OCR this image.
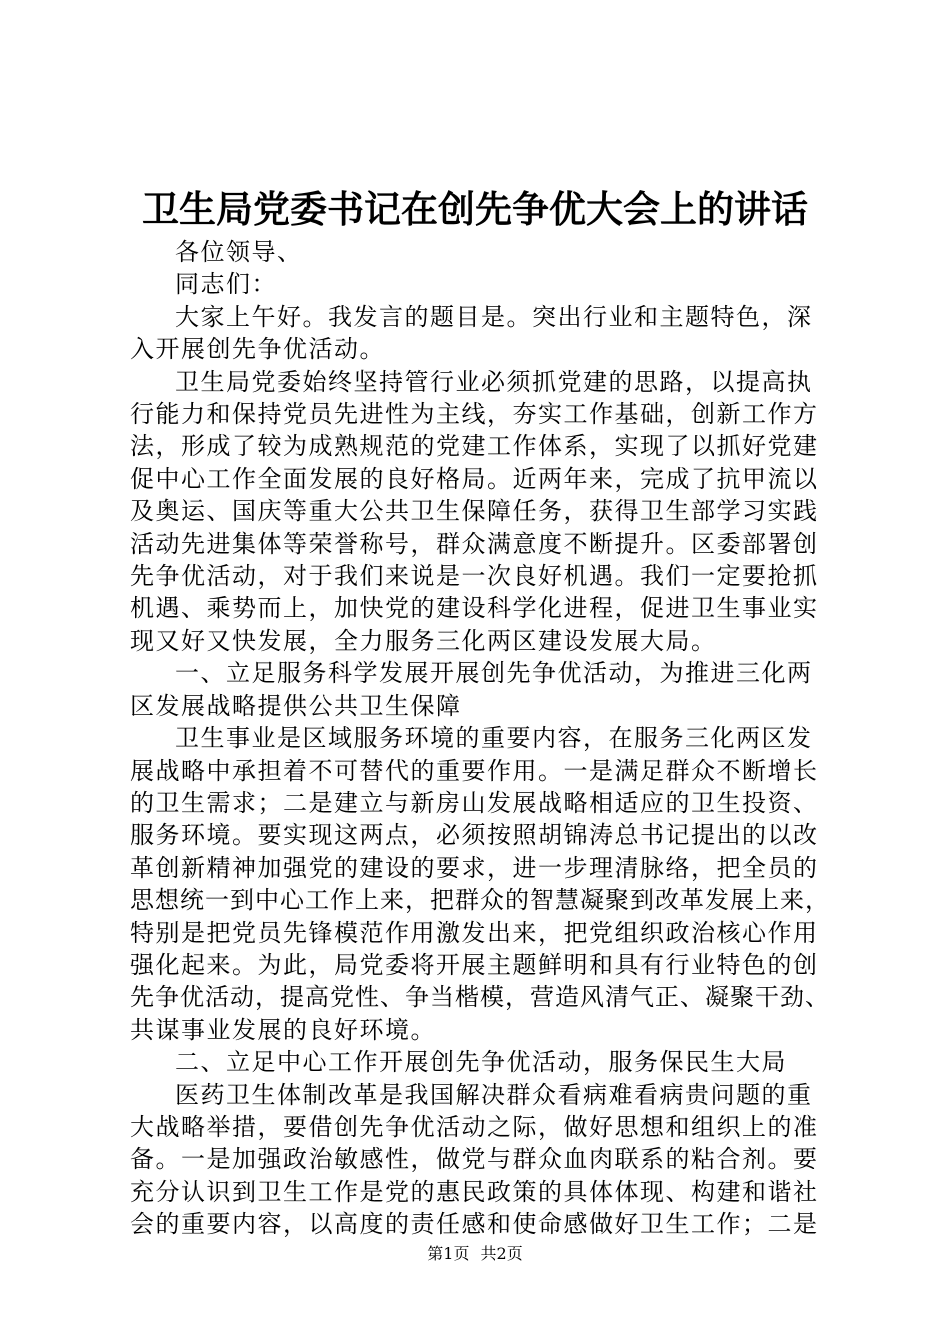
卫生局党委书记在创先争优大会上的讲话
各位领导、
同志们：
大家上午好。我发言的题目是。突出行业和主题特色，深
入开展创先争优活动。
卫生局党委始终坚持管行业必须抓党建的思路，以提高执
行能力和保持党员先进性为主线，夯实工作基础，创新工作方
法，形成了较为成熟规范的党建工作体系，实现了以抓好党建
促中心工作全面发展的良好格局。近两年来，完成了抗甲流以
及奥运、国庆等重大公共卫生保障任务，获得卫生部学习实践
活动先进集体等荣誉称号，群众满意度不断提升。区委部署创
先争优活动，对于我们来说是一次良好机遇。我们一定要抢抓
机遇、乘势而上，加快党的建设科学化进程，促进卫生事业实
现又好又快发展，全力服务三化两区建设发展大局。
一、立足服务科学发展开展创先争优活动，为推进三化两
区发展战略提供公共卫生保障
卫生事业是区域服务环境的重要内容，在服务三化两区发
展战略中承担着不可替代的重要作用。一是满足群众不断增长
的卫生需求；二是建立与新房山发展战略相适应的卫生投资、
服务环境。要实现这两点，必须按照胡锦涛总书记提出的以改
革创新精神加强党的建设的要求，进一步理清脉络，把全员的
思想统一到中心工作上来，把群众的智慧凝聚到改革发展上来，
特别是把党员先锋模范作用激发出来，把党组织政治核心作用
强化起来。为此，局党委将开展主题鲜明和具有行业特色的创
先争优活动，提高党性、争当楷模，营造风清气正、凝聚干劲、
共谋事业发展的良好环境。
二、立足中心工作开展创先争优活动，服务保民生大局
医药卫生体制改革是我国解决群众看病难看病贵问题的重
大战略举措，要借创先争优活动之际，做好思想和组织上的准
备。一是加强政治敏感性，做党与群众血肉联系的粘合剂。要
充分认识到卫生工作是党的惠民政策的具体体现、构建和谐社
会的重要内容，以高度的责任感和使命感做好卫生工作；二是
第1页 共2页
